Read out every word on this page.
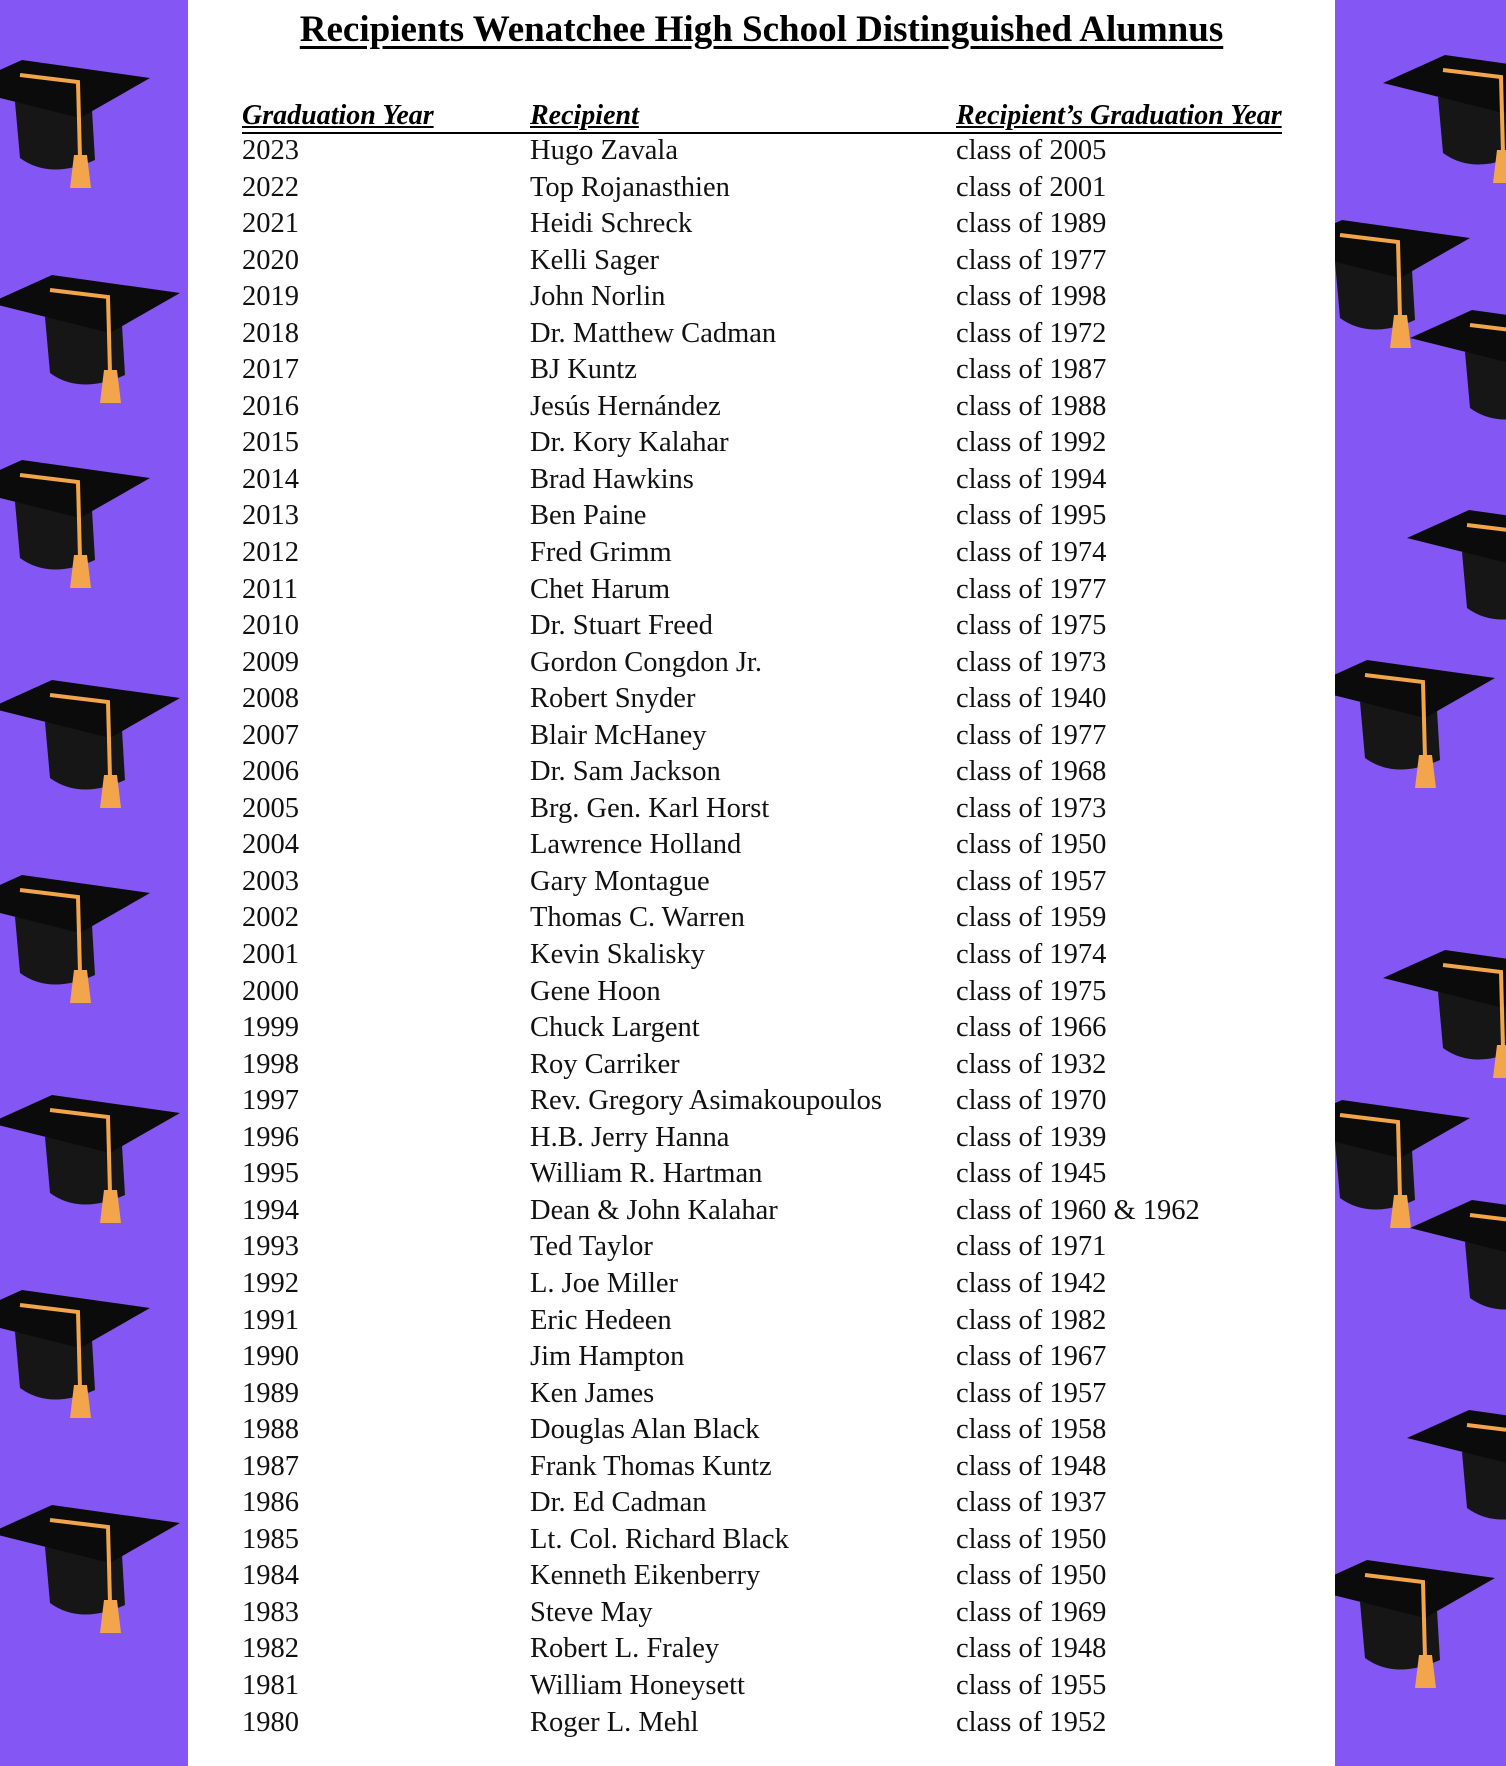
Recipients Wenatchee High School Distinguished Alumnus
Graduation Year	Recipient	Recipient’s Graduation Year
2023	Hugo Zavala	class of 2005
2022	Top Rojanasthien	class of 2001
2021	Heidi Schreck	class of 1989
2020	Kelli Sager	class of 1977
2019	John Norlin	class of 1998
2018	Dr. Matthew Cadman	class of 1972
2017	BJ Kuntz	class of 1987
2016	Jesús Hernández	class of 1988
2015	Dr. Kory Kalahar	class of 1992
2014	Brad Hawkins	class of 1994
2013	Ben Paine	class of 1995
2012	Fred Grimm	class of 1974
2011	Chet Harum	class of 1977
2010	Dr. Stuart Freed	class of 1975
2009	Gordon Congdon Jr.	class of 1973
2008	Robert Snyder	class of 1940
2007	Blair McHaney	class of 1977
2006	Dr. Sam Jackson	class of 1968
2005	Brg. Gen. Karl Horst	class of 1973
2004	Lawrence Holland	class of 1950
2003	Gary Montague	class of 1957
2002	Thomas C. Warren	class of 1959
2001	Kevin Skalisky	class of 1974
2000	Gene Hoon	class of 1975
1999	Chuck Largent	class of 1966
1998	Roy Carriker	class of 1932
1997	Rev. Gregory Asimakoupoulos	class of 1970
1996	H.B. Jerry Hanna	class of 1939
1995	William R. Hartman	class of 1945
1994	Dean & John Kalahar	class of 1960 & 1962
1993	Ted Taylor	class of 1971
1992	L. Joe Miller	class of 1942
1991	Eric Hedeen	class of 1982
1990	Jim Hampton	class of 1967
1989	Ken James	class of 1957
1988	Douglas Alan Black	class of 1958
1987	Frank Thomas Kuntz	class of 1948
1986	Dr. Ed Cadman	class of 1937
1985	Lt. Col. Richard Black	class of 1950
1984	Kenneth Eikenberry	class of 1950
1983	Steve May	class of 1969
1982	Robert L. Fraley	class of 1948
1981	William Honeysett	class of 1955
1980	Roger L. Mehl	class of 1952
